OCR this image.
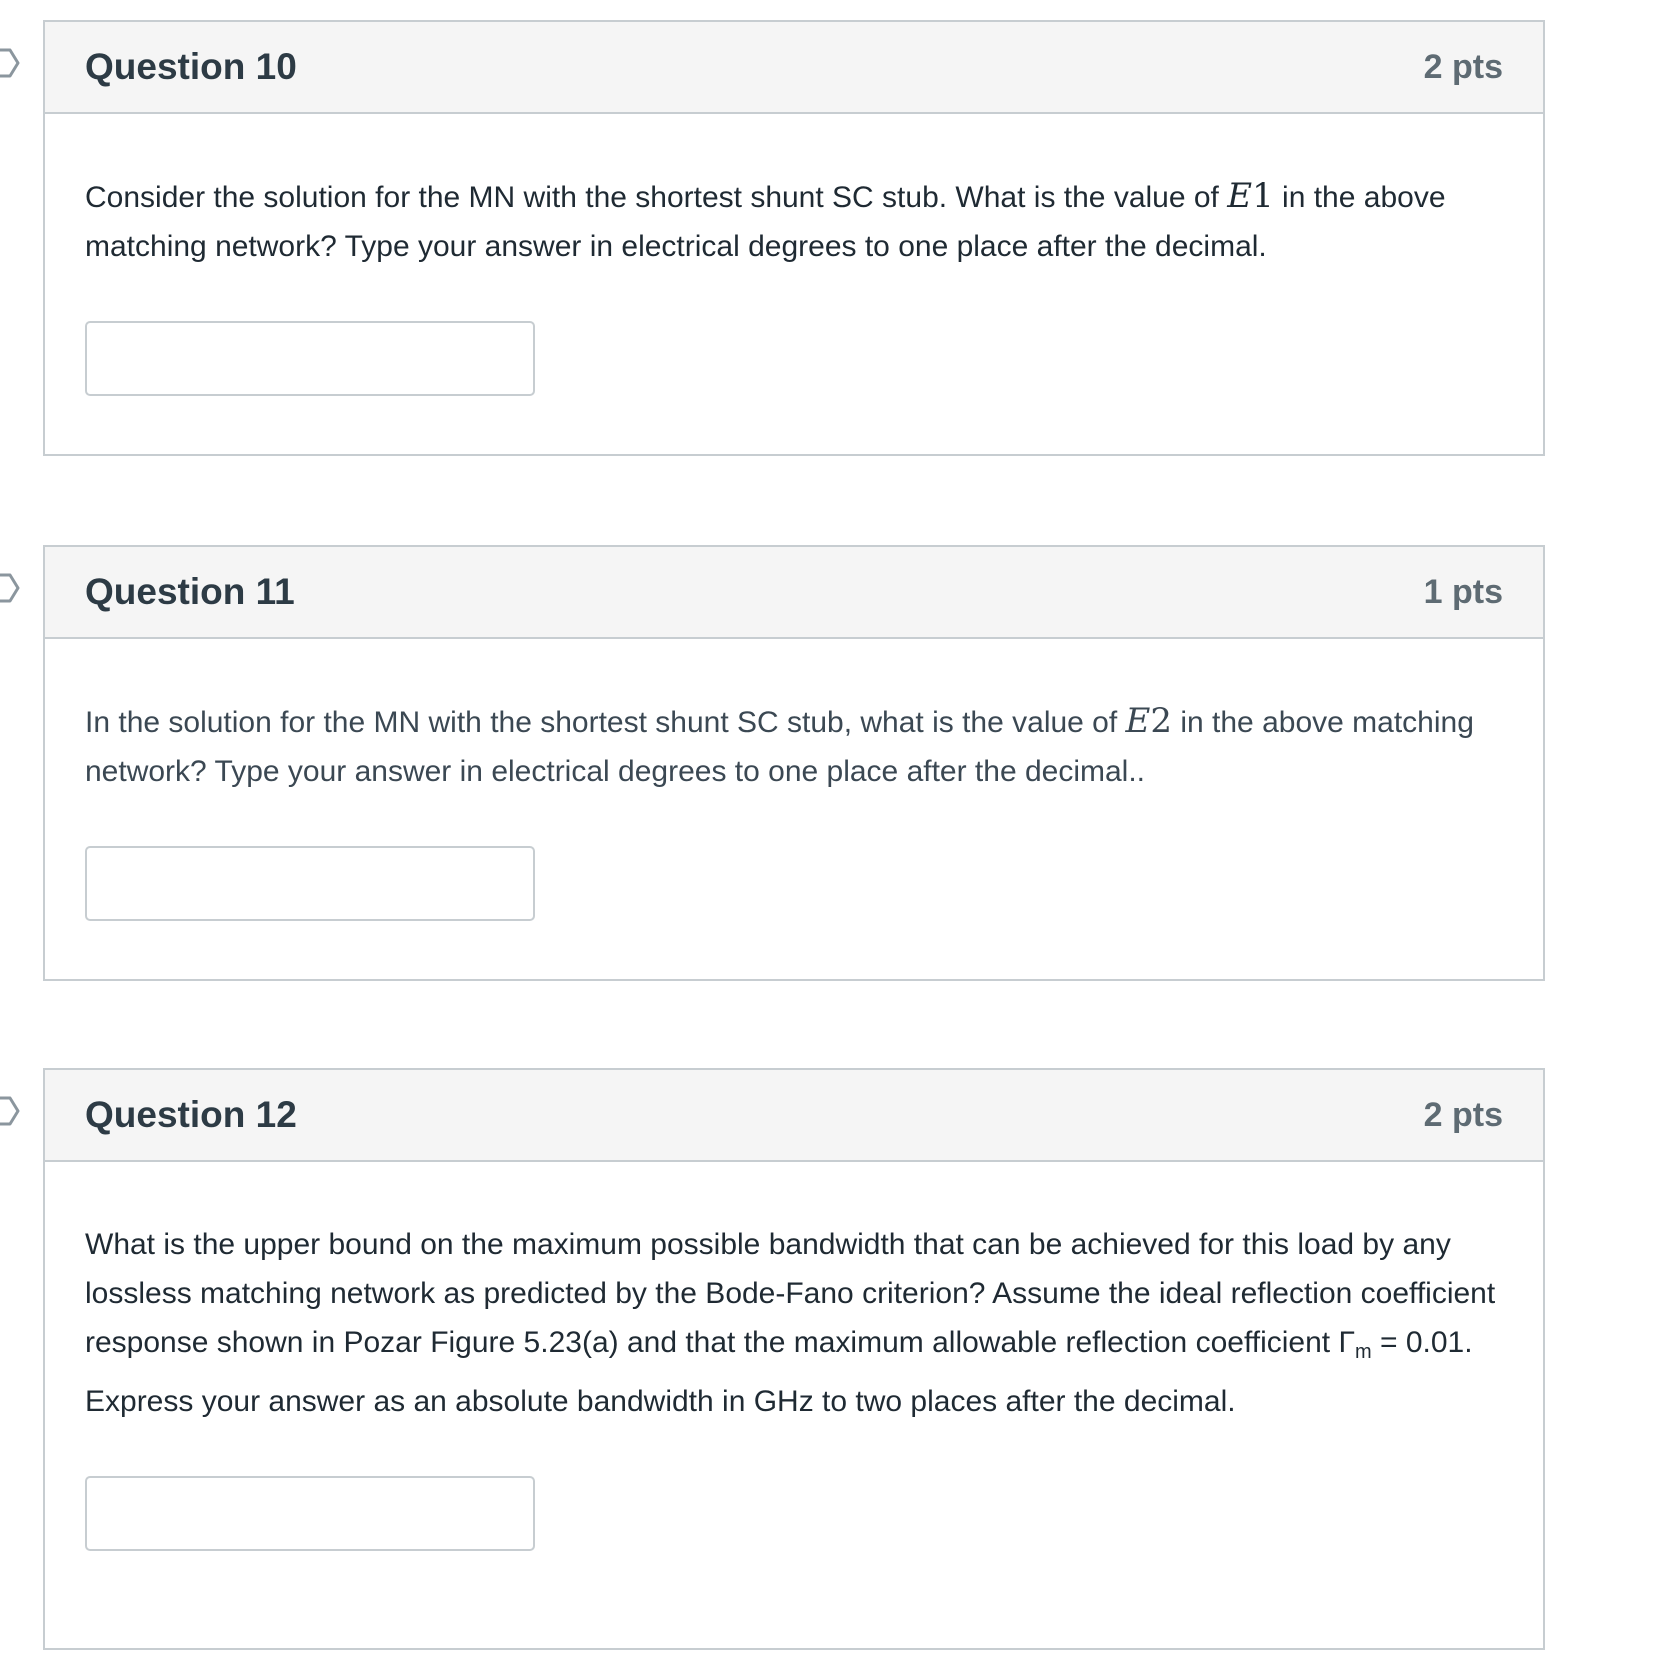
Question 10	2 pts

Consider the solution for the MN with the shortest shunt SC stub. What is the value of E1 in the above matching network? Type your answer in electrical degrees to one place after the decimal.

Question 11	1 pts

In the solution for the MN with the shortest shunt SC stub, what is the value of E2 in the above matching network? Type your answer in electrical degrees to one place after the decimal..

Question 12	2 pts

What is the upper bound on the maximum possible bandwidth that can be achieved for this load by any lossless matching network as predicted by the Bode-Fano criterion? Assume the ideal reflection coefficient response shown in Pozar Figure 5.23(a) and that the maximum allowable reflection coefficient $\Gamma_m = 0.01$. Express your answer as an absolute bandwidth in GHz to two places after the decimal.
